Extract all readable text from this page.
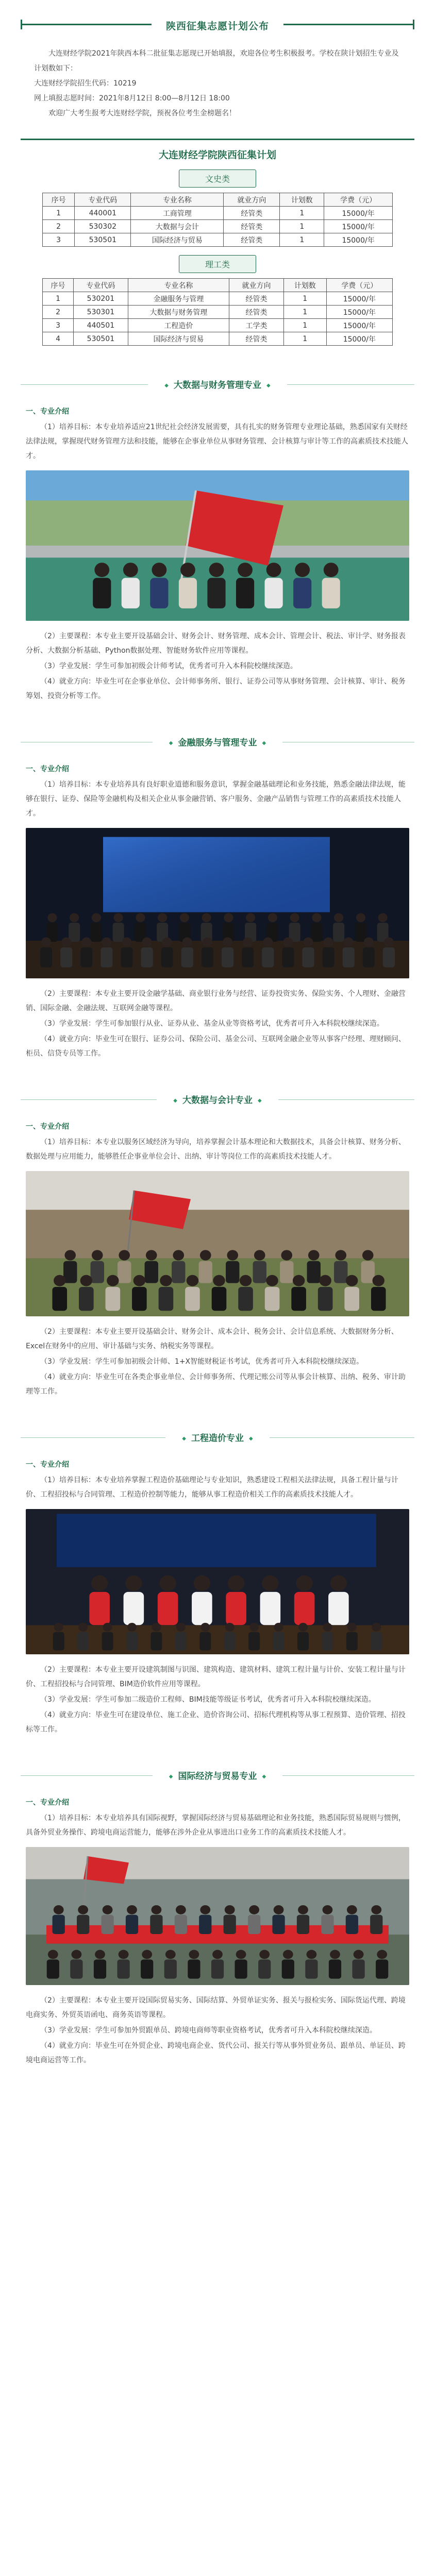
陕西征集志愿计划公布

大连财经学院2021年陕西本科二批征集志愿现已开始填报，欢迎各位考生积极报考。学校在陕计划招生专业及计划数如下：

大连财经学院招生代码：10219

网上填报志愿时间：2021年8月12日 8:00—8月12日 18:00

欢迎广大考生报考大连财经学院，预祝各位考生金榜题名！

大连财经学院陕西征集计划
文史类
序号	专业代码	专业名称	就业方向	计划数	学费（元）
1	440001	工商管理	经管类	1	15000/年
2	530302	大数据与会计	经管类	1	15000/年
3	530501	国际经济与贸易	经管类	1	15000/年
理工类
序号	专业代码	专业名称	就业方向	计划数	学费（元）
1	530201	金融服务与管理	经管类	1	15000/年
2	530301	大数据与财务管理	经管类	1	15000/年
3	440501	工程造价	工学类	1	15000/年
4	530501	国际经济与贸易	经管类	1	15000/年
◆ 大数据与财务管理专业 ◆

一、专业介绍

（1）培养目标：本专业培养适应21世纪社会经济发展需要，具有扎实的财务管理专业理论基础，熟悉国家有关财经法律法规，掌握现代财务管理方法和技能，能够在企事业单位从事财务管理、会计核算与审计等工作的高素质技术技能人才。

（2）主要课程：本专业主要开设基础会计、财务会计、财务管理、成本会计、管理会计、税法、审计学、财务报表分析、大数据分析基础、Python数据处理、智能财务软件应用等课程。

（3）学业发展：学生可参加初级会计师考试，优秀者可升入本科院校继续深造。

（4）就业方向：毕业生可在企事业单位、会计师事务所、银行、证券公司等从事财务管理、会计核算、审计、税务筹划、投资分析等工作。

◆ 金融服务与管理专业 ◆

一、专业介绍

（1）培养目标：本专业培养具有良好职业道德和服务意识，掌握金融基础理论和业务技能，熟悉金融法律法规，能够在银行、证券、保险等金融机构及相关企业从事金融营销、客户服务、金融产品销售与管理工作的高素质技术技能人才。

（2）主要课程：本专业主要开设金融学基础、商业银行业务与经营、证券投资实务、保险实务、个人理财、金融营销、国际金融、金融法规、互联网金融等课程。

（3）学业发展：学生可参加银行从业、证券从业、基金从业等资格考试，优秀者可升入本科院校继续深造。

（4）就业方向：毕业生可在银行、证券公司、保险公司、基金公司、互联网金融企业等从事客户经理、理财顾问、柜员、信贷专员等工作。

◆ 大数据与会计专业 ◆

一、专业介绍

（1）培养目标：本专业以服务区域经济为导向，培养掌握会计基本理论和大数据技术，具备会计核算、财务分析、数据处理与应用能力，能够胜任企事业单位会计、出纳、审计等岗位工作的高素质技术技能人才。

（2）主要课程：本专业主要开设基础会计、财务会计、成本会计、税务会计、会计信息系统、大数据财务分析、Excel在财务中的应用、审计基础与实务、纳税实务等课程。

（3）学业发展：学生可参加初级会计师、1+X智能财税证书考试，优秀者可升入本科院校继续深造。

（4）就业方向：毕业生可在各类企事业单位、会计师事务所、代理记账公司等从事会计核算、出纳、税务、审计助理等工作。

◆ 工程造价专业 ◆

一、专业介绍

（1）培养目标：本专业培养掌握工程造价基础理论与专业知识，熟悉建设工程相关法律法规，具备工程计量与计价、工程招投标与合同管理、工程造价控制等能力，能够从事工程造价相关工作的高素质技术技能人才。

（2）主要课程：本专业主要开设建筑制图与识图、建筑构造、建筑材料、建筑工程计量与计价、安装工程计量与计价、工程招投标与合同管理、BIM造价软件应用等课程。

（3）学业发展：学生可参加二级造价工程师、BIM技能等级证书考试，优秀者可升入本科院校继续深造。

（4）就业方向：毕业生可在建设单位、施工企业、造价咨询公司、招标代理机构等从事工程预算、造价管理、招投标等工作。

◆ 国际经济与贸易专业 ◆

一、专业介绍

（1）培养目标：本专业培养具有国际视野，掌握国际经济与贸易基础理论和业务技能，熟悉国际贸易规则与惯例，具备外贸业务操作、跨境电商运营能力，能够在涉外企业从事进出口业务工作的高素质技术技能人才。

（2）主要课程：本专业主要开设国际贸易实务、国际结算、外贸单证实务、报关与报检实务、国际货运代理、跨境电商实务、外贸英语函电、商务英语等课程。

（3）学业发展：学生可参加外贸跟单员、跨境电商师等职业资格考试，优秀者可升入本科院校继续深造。

（4）就业方向：毕业生可在外贸企业、跨境电商企业、货代公司、报关行等从事外贸业务员、跟单员、单证员、跨境电商运营等工作。
